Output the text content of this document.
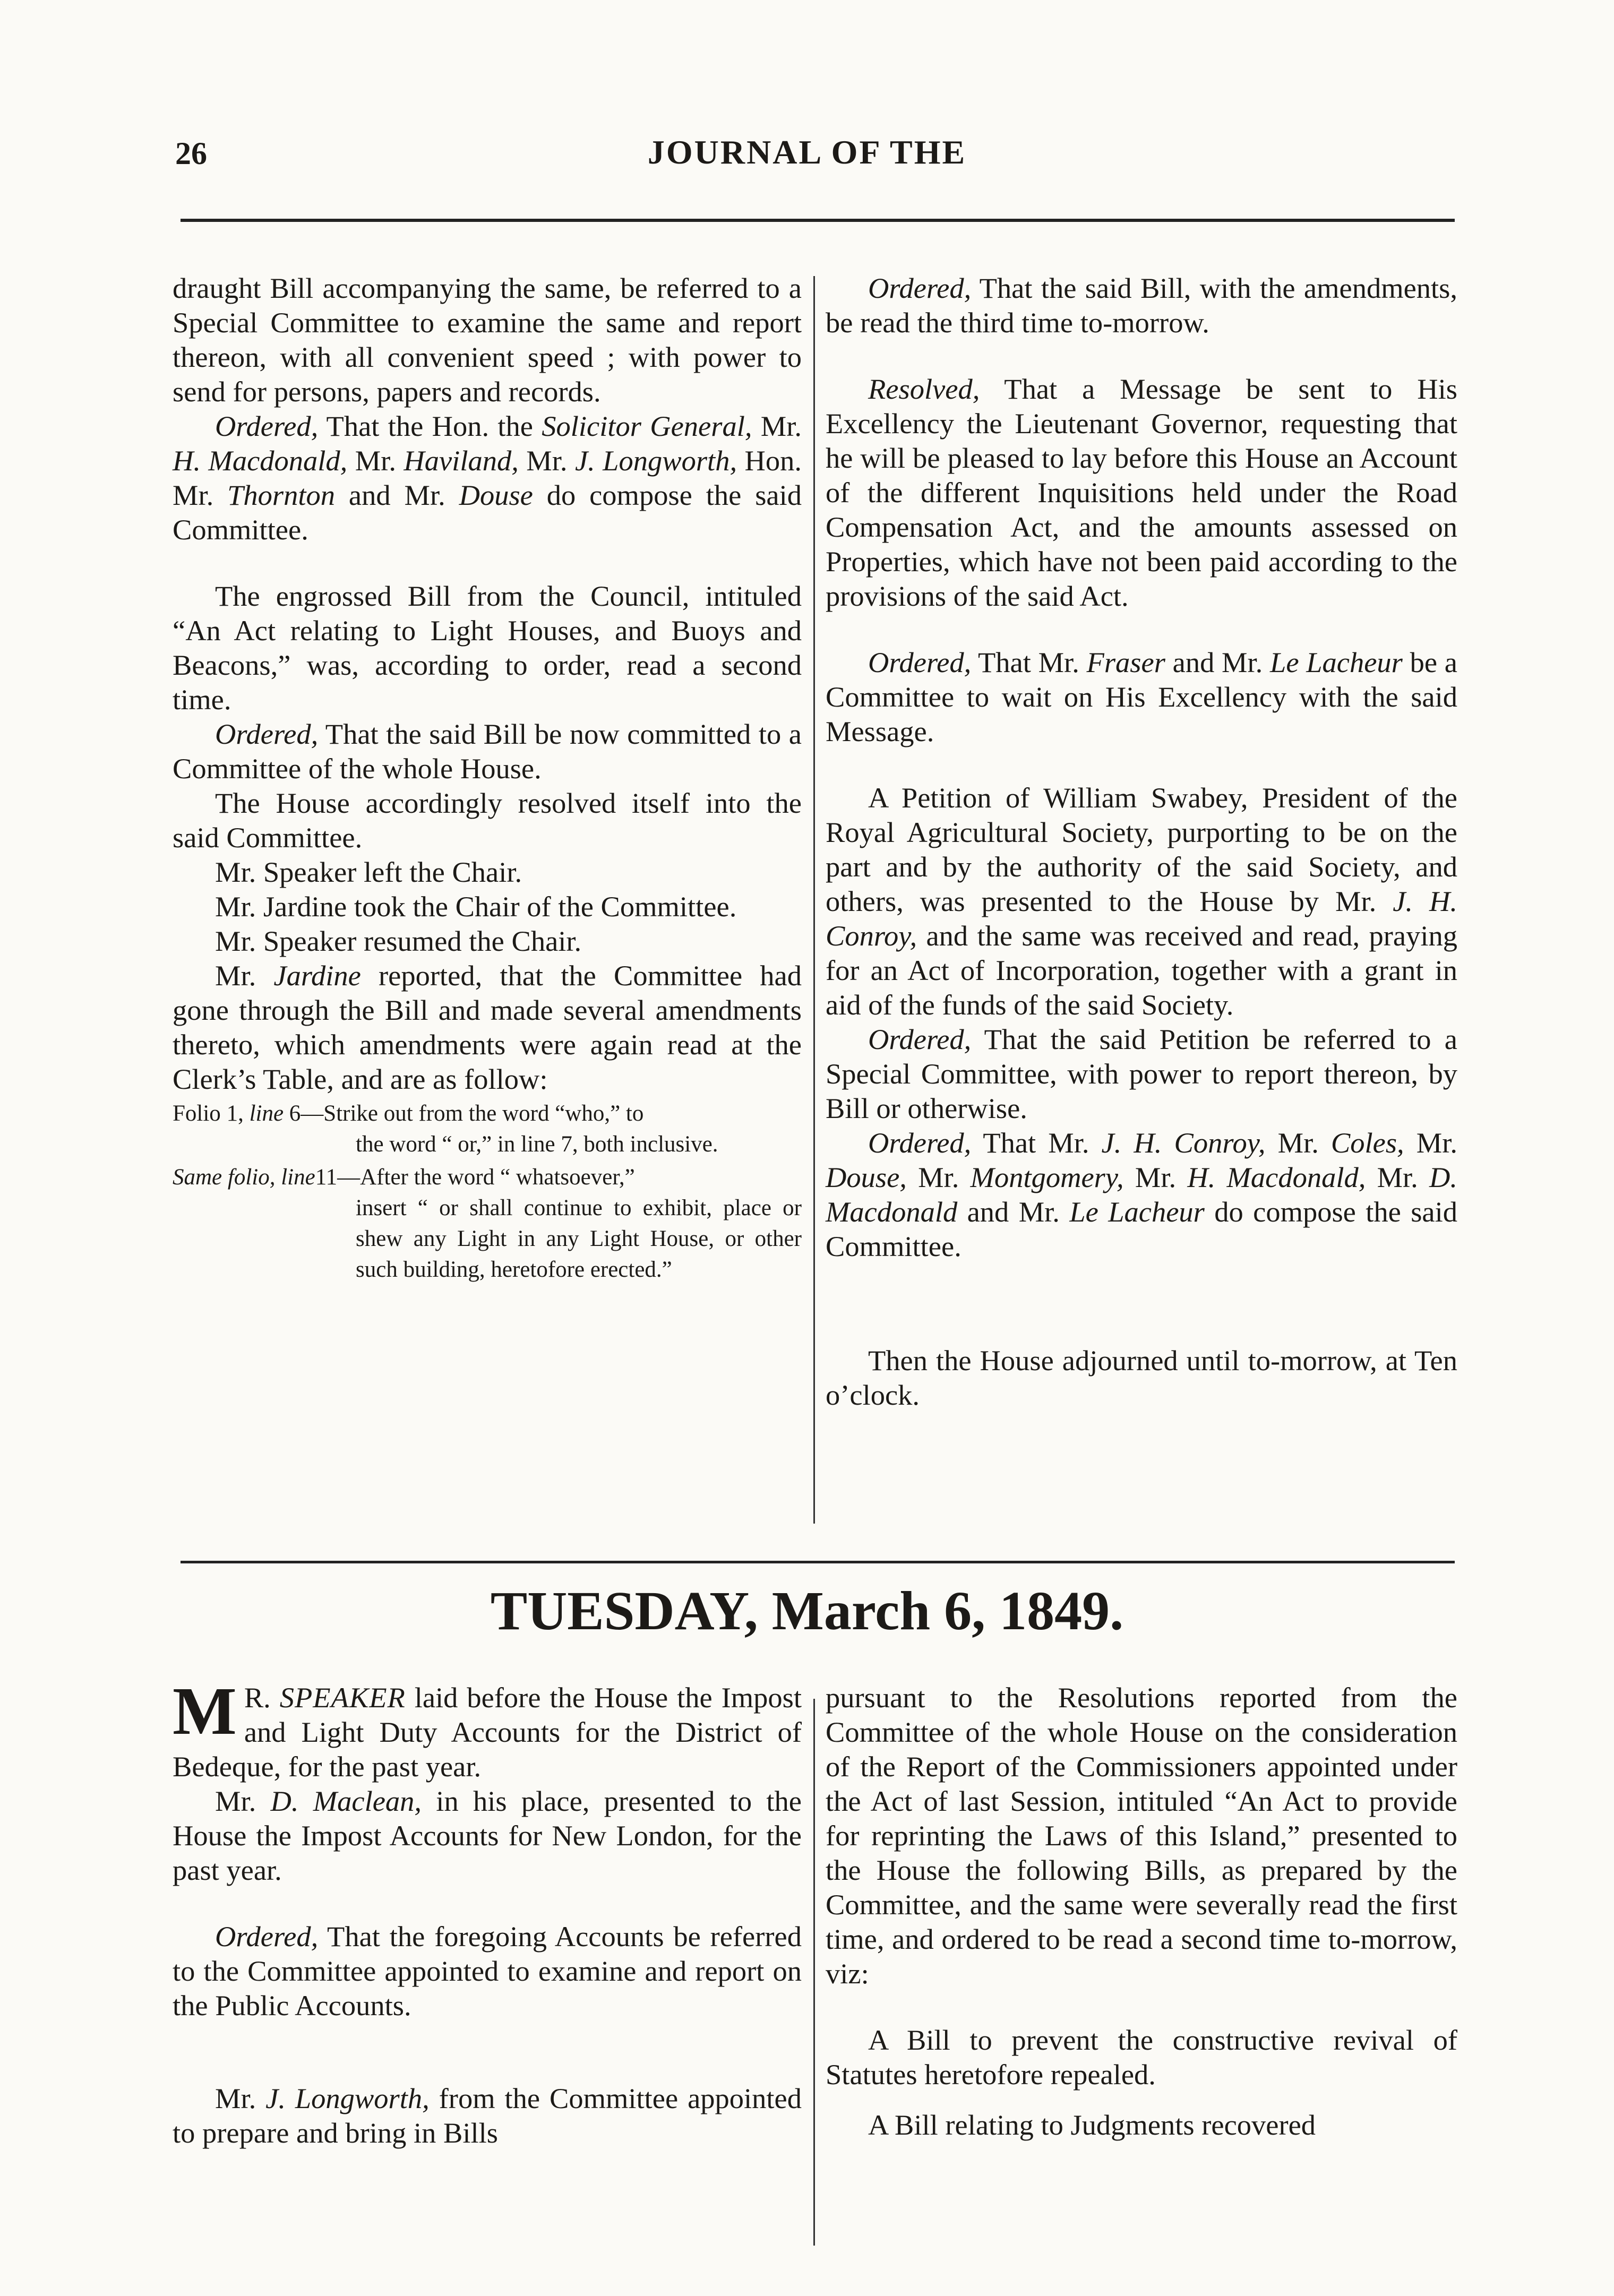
26	JOURNAL OF THE

draught Bill accompanying the same, be referred to a Special Committee to examine the same and report thereon, with all convenient speed ; with power to send for persons, papers and records.

Ordered, That the Hon. the Solicitor General, Mr. H. Macdonald, Mr. Haviland, Mr. J. Longworth, Hon. Mr. Thornton and Mr. Douse do compose the said Committee.

The engrossed Bill from the Council, intituled “An Act relating to Light Houses, and Buoys and Beacons,” was, according to order, read a second time.

Ordered, That the said Bill be now committed to a Committee of the whole House.

The House accordingly resolved itself into the said Committee.

Mr. Speaker left the Chair.

Mr. Jardine took the Chair of the Committee.

Mr. Speaker resumed the Chair.

Mr. Jardine reported, that the Committee had gone through the Bill and made several amendments thereto, which amendments were again read at the Clerk’s Table, and are as follow:

Folio 1, line 6— Strike out from the word “who,” to
the word “ or,” in line 7, both inclusive.
Same folio, line 11— After the word “ whatsoever,”
insert “ or shall continue to exhibit, place or shew any Light in any Light House, or other such building, heretofore erected.”

Ordered, That the said Bill, with the amendments, be read the third time to-morrow.

Resolved, That a Message be sent to His Excellency the Lieutenant Governor, requesting that he will be pleased to lay before this House an Account of the different Inquisitions held under the Road Compensation Act, and the amounts assessed on Properties, which have not been paid according to the provisions of the said Act.

Ordered, That Mr. Fraser and Mr. Le Lacheur be a Committee to wait on His Excellency with the said Message.

A Petition of William Swabey, President of the Royal Agricultural Society, purporting to be on the part and by the authority of the said Society, and others, was presented to the House by Mr. J. H. Conroy, and the same was received and read, praying for an Act of Incorporation, together with a grant in aid of the funds of the said Society.

Ordered, That the said Petition be referred to a Special Committee, with power to report thereon, by Bill or otherwise.

Ordered, That Mr. J. H. Conroy, Mr. Coles, Mr. Douse, Mr. Montgomery, Mr. H. Macdonald, Mr. D. Macdonald and Mr. Le Lacheur do compose the said Committee.

Then the House adjourned until to-morrow, at Ten o’clock.

TUESDAY, March 6, 1849.

M R. SPEAKER laid before the House the Impost and Light Duty Accounts for the District of Bedeque, for the past year.

Mr. D. Maclean, in his place, presented to the House the Impost Accounts for New London, for the past year.

Ordered, That the foregoing Accounts be referred to the Committee appointed to examine and report on the Public Accounts.

Mr. J. Longworth, from the Committee appointed to prepare and bring in Bills

pursuant to the Resolutions reported from the Committee of the whole House on the consideration of the Report of the Commissioners appointed under the Act of last Session, intituled “An Act to provide for reprinting the Laws of this Island,” presented to the House the following Bills, as prepared by the Committee, and the same were severally read the first time, and ordered to be read a second time to-morrow, viz:

A Bill to prevent the constructive revival of Statutes heretofore repealed.

A Bill relating to Judgments recovered
